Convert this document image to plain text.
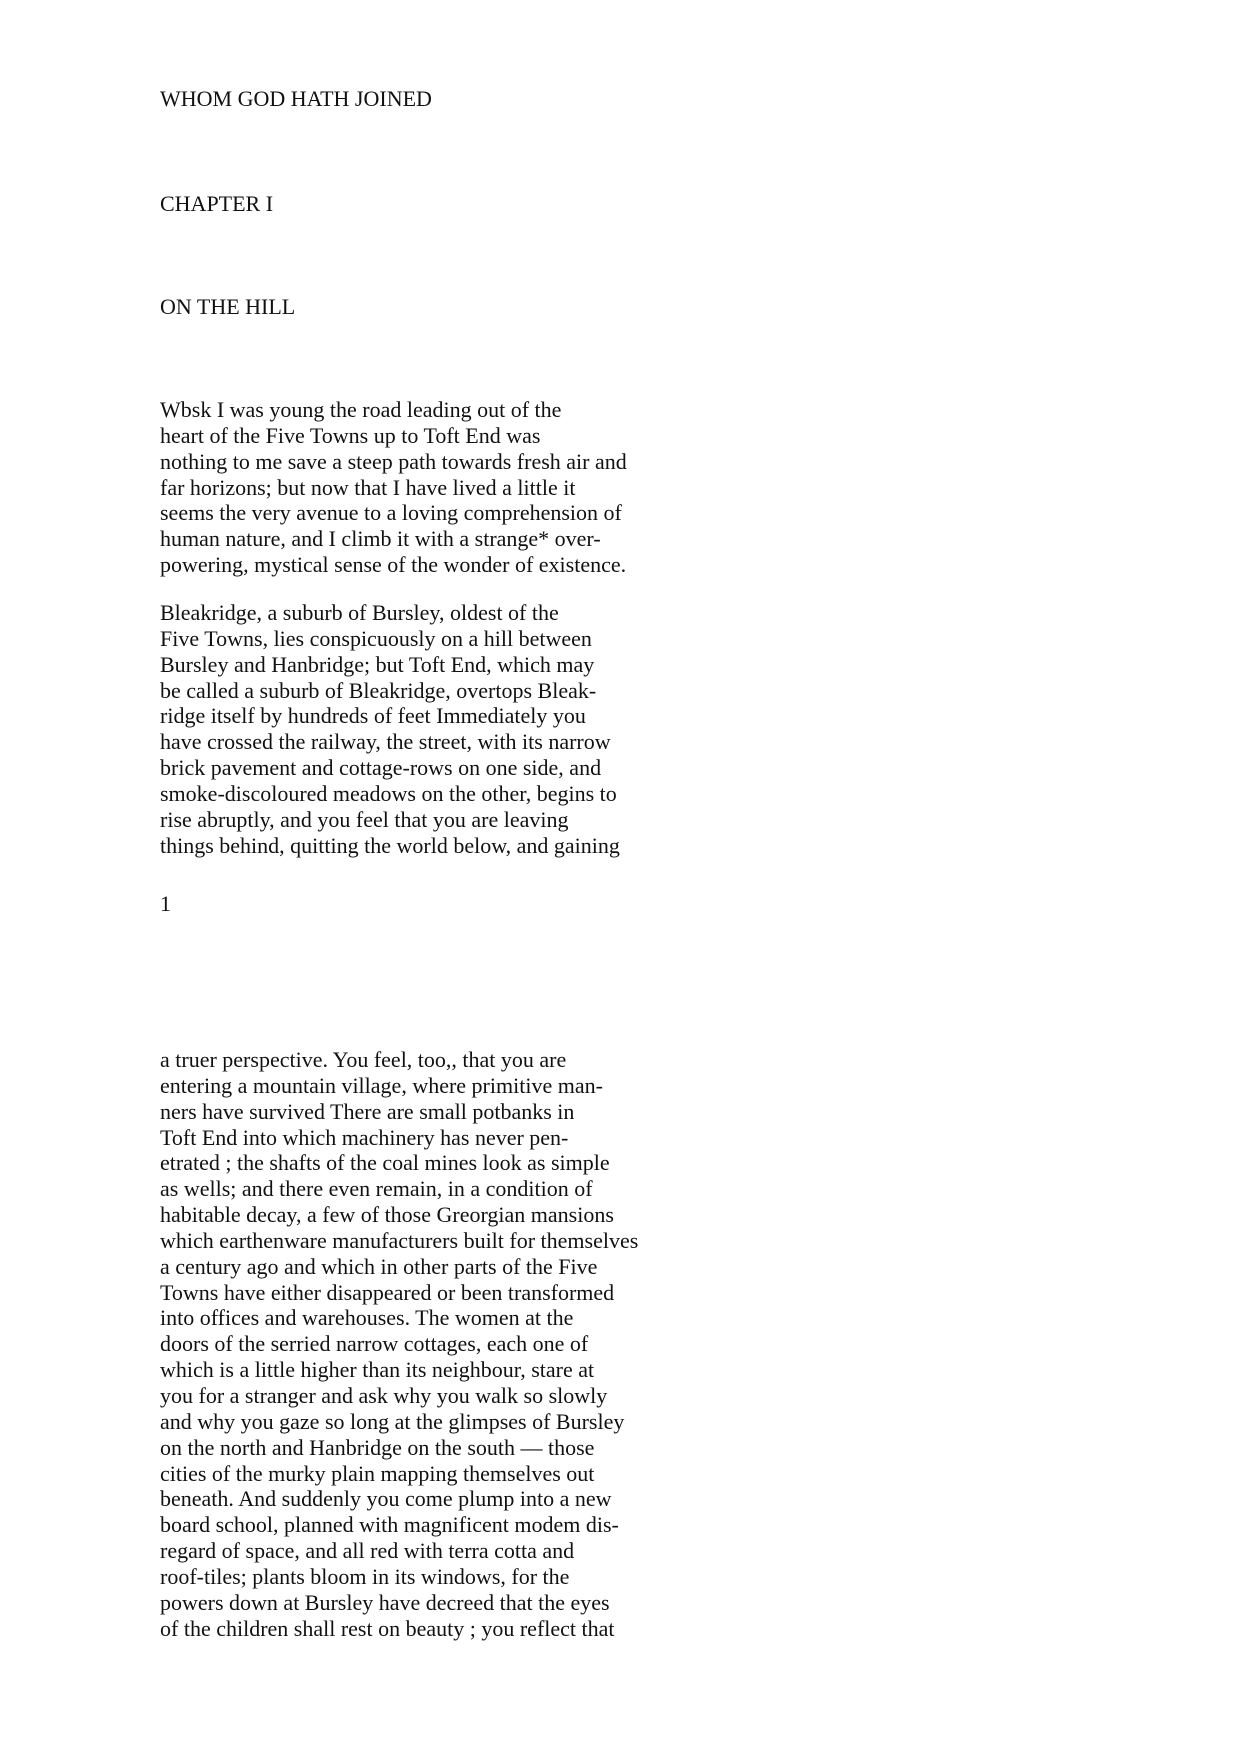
WHOM GOD HATH JOINED
CHAPTER I
ON THE HILL
Wbsk I was young the road leading out of the
heart of the Five Towns up to Toft End was
nothing to me save a steep path towards fresh air and
far horizons; but now that I have lived a little it
seems the very avenue to a loving comprehension of
human nature, and I climb it with a strange* over-
powering, mystical sense of the wonder of existence.
Bleakridge, a suburb of Bursley, oldest of the
Five Towns, lies conspicuously on a hill between
Bursley and Hanbridge; but Toft End, which may
be called a suburb of Bleakridge, overtops Bleak-
ridge itself by hundreds of feet Immediately you
have crossed the railway, the street, with its narrow
brick pavement and cottage-rows on one side, and
smoke-discoloured meadows on the other, begins to
rise abruptly, and you feel that you are leaving
things behind, quitting the world below, and gaining

1

a truer perspective. You feel, too,, that you are
entering a mountain village, where primitive man-
ners have survived There are small potbanks in
Toft End into which machinery has never pen-
etrated ; the shafts of the coal mines look as simple
as wells; and there even remain, in a condition of
habitable decay, a few of those Greorgian mansions
which earthenware manufacturers built for themselves
a century ago and which in other parts of the Five
Towns have either disappeared or been transformed
into offices and warehouses. The women at the
doors of the serried narrow cottages, each one of
which is a little higher than its neighbour, stare at
you for a stranger and ask why you walk so slowly
and why you gaze so long at the glimpses of Bursley
on the north and Hanbridge on the south — those
cities of the murky plain mapping themselves out
beneath. And suddenly you come plump into a new
board school, planned with magnificent modem dis-
regard of space, and all red with terra cotta and
roof-tiles; plants bloom in its windows, for the
powers down at Bursley have decreed that the eyes
of the children shall rest on beauty ; you reflect that
